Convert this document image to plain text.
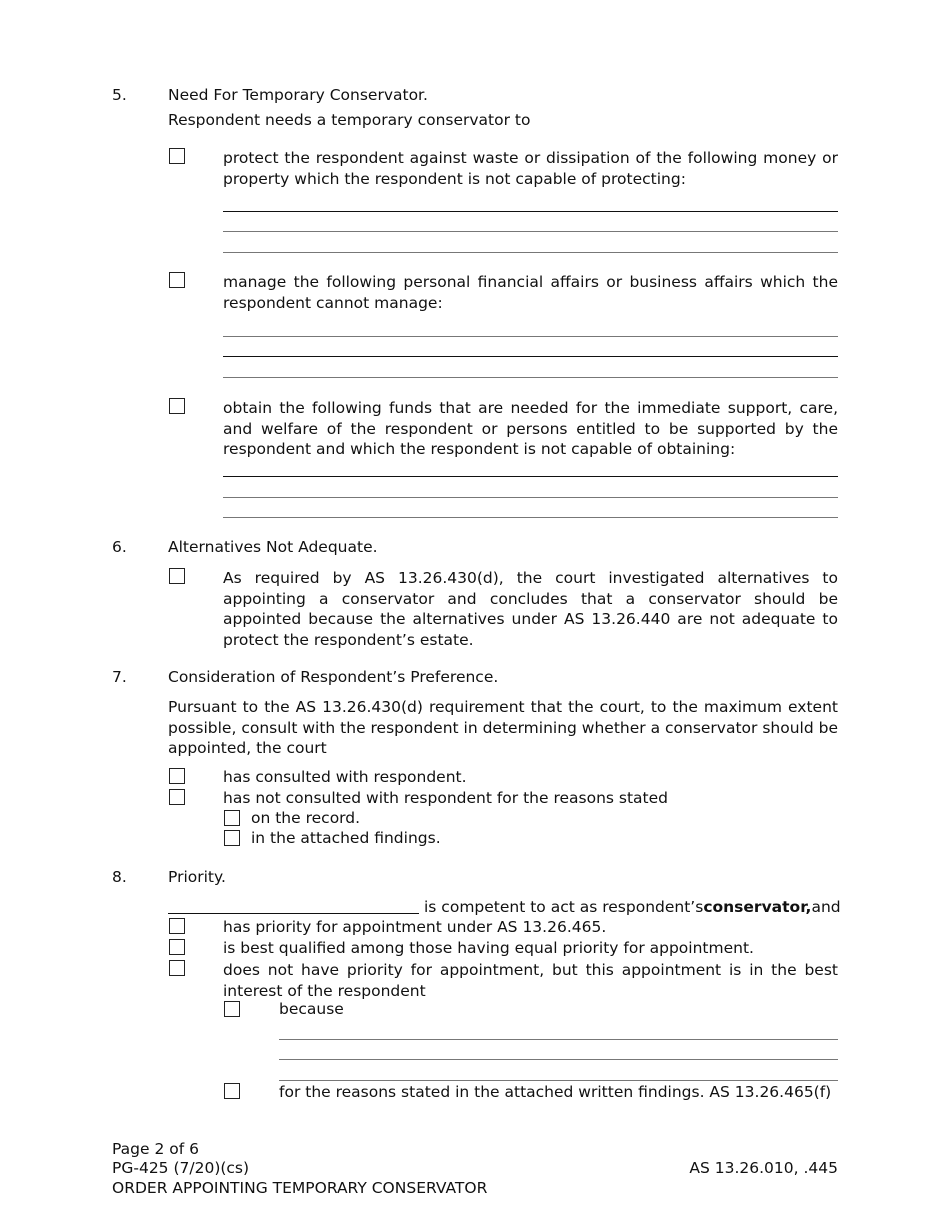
5.	Need For Temporary Conservator.
Respondent needs a temporary conservator to
protect the respondent against waste or dissipation of the following money or property which the respondent is not capable of protecting:
manage the following personal financial affairs or business affairs which the respondent cannot manage:
obtain the following funds that are needed for the immediate support, care, and welfare of the respondent or persons entitled to be supported by the respondent and which the respondent is not capable of obtaining:
6.	Alternatives Not Adequate.
As required by AS 13.26.430(d), the court investigated alternatives to appointing a conservator and concludes that a conservator should be appointed because the alternatives under AS 13.26.440 are not adequate to protect the respondent’s estate.
7.	Consideration of Respondent’s Preference.
Pursuant to the AS 13.26.430(d) requirement that the court, to the maximum extent possible, consult with the respondent in determining whether a conservator should be appointed, the court
has consulted with respondent.
has not consulted with respondent for the reasons stated
on the record.
in the attached findings.
8.	Priority.
is competent to act as respondent’s conservator, and
has priority for appointment under AS 13.26.465.
is best qualified among those having equal priority for appointment.
does not have priority for appointment, but this appointment is in the best interest of the respondent
because
for the reasons stated in the attached written findings. AS 13.26.465(f)
Page 2 of 6
PG-425 (7/20)(cs)
ORDER APPOINTING TEMPORARY CONSERVATOR
AS 13.26.010, .445
